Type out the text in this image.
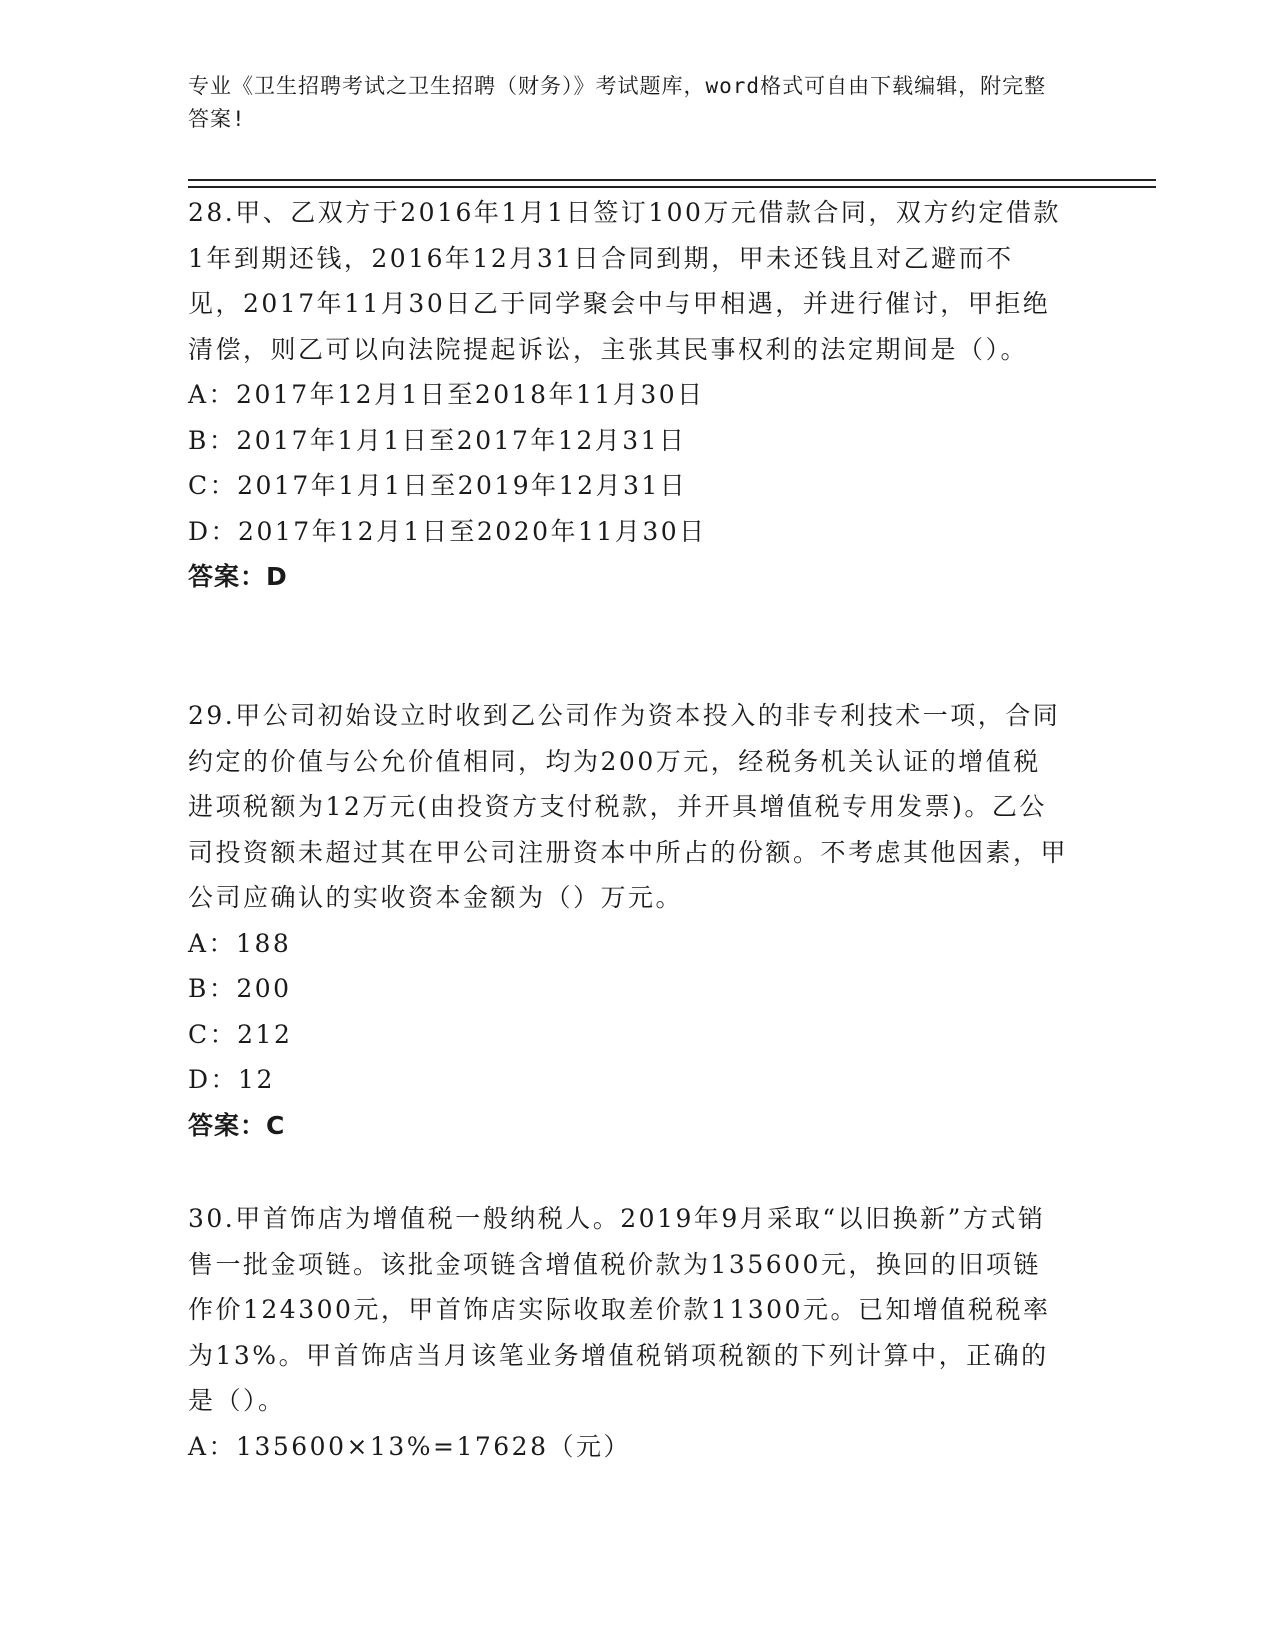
专业《卫生招聘考试之卫生招聘（财务）》考试题库，word格式可自由下载编辑，附完整答案!

28.甲、乙双方于2016年1月1日签订100万元借款合同，双方约定借款1年到期还钱，2016年12月31日合同到期，甲未还钱且对乙避而不见，2017年11月30日乙于同学聚会中与甲相遇，并进行催讨，甲拒绝清偿，则乙可以向法院提起诉讼，主张其民事权利的法定期间是（）。

A：2017年12月1日至2018年11月30日

B：2017年1月1日至2017年12月31日

C：2017年1月1日至2019年12月31日

D：2017年12月1日至2020年11月30日

答案：D

29.甲公司初始设立时收到乙公司作为资本投入的非专利技术一项，合同约定的价值与公允价值相同，均为200万元，经税务机关认证的增值税进项税额为12万元(由投资方支付税款，并开具增值税专用发票)。乙公司投资额未超过其在甲公司注册资本中所占的份额。不考虑其他因素，甲公司应确认的实收资本金额为（）万元。

A：188

B：200

C：212

D：12

答案：C

30.甲首饰店为增值税一般纳税人。2019年9月采取“以旧换新”方式销售一批金项链。该批金项链含增值税价款为135600元，换回的旧项链作价124300元，甲首饰店实际收取差价款11300元。已知增值税税率为13%。甲首饰店当月该笔业务增值税销项税额的下列计算中，正确的是（）。

A：135600×13%=17628（元）
